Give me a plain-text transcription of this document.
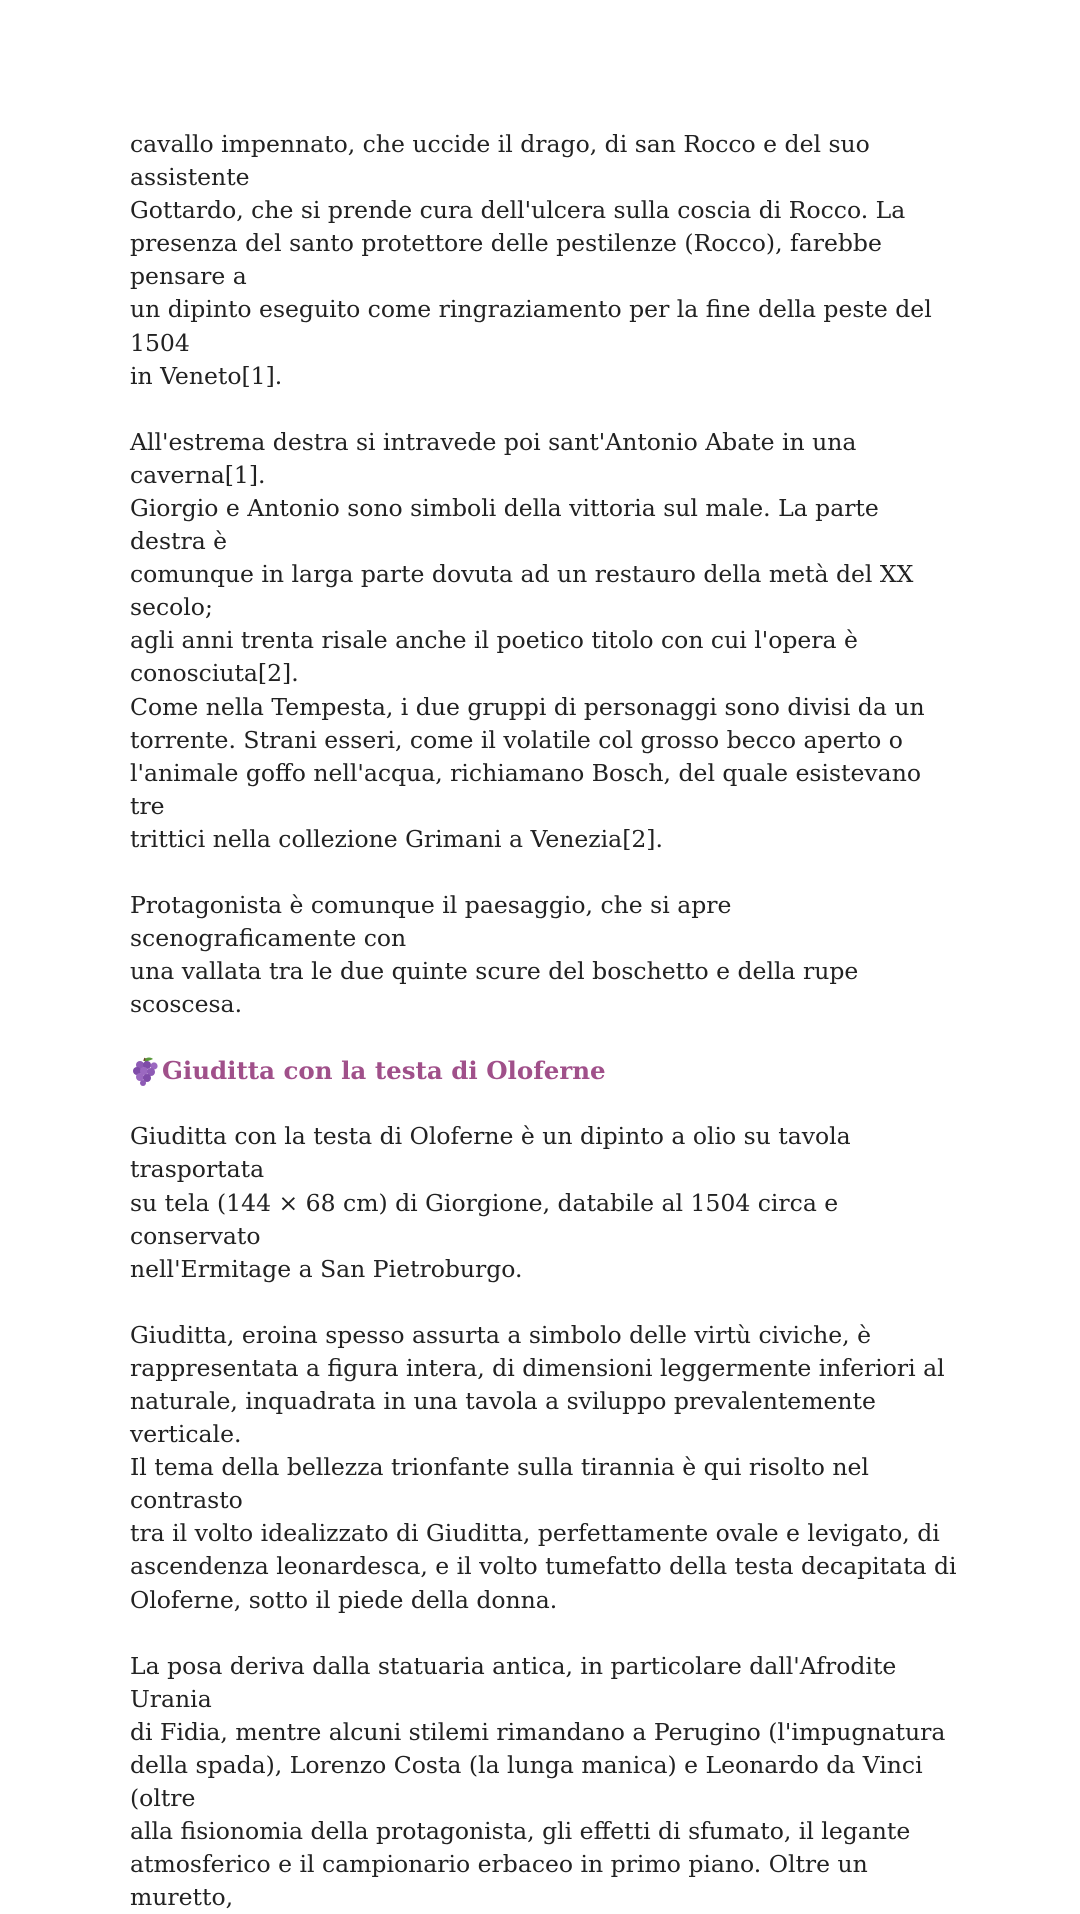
cavallo impennato, che uccide il drago, di san Rocco e del suo assistente
Gottardo, che si prende cura dell'ulcera sulla coscia di Rocco. La
presenza del santo protettore delle pestilenze (Rocco), farebbe pensare a
un dipinto eseguito come ringraziamento per la fine della peste del 1504
in Veneto[1].

All'estrema destra si intravede poi sant'Antonio Abate in una caverna[1].
Giorgio e Antonio sono simboli della vittoria sul male. La parte destra è
comunque in larga parte dovuta ad un restauro della metà del XX secolo;
agli anni trenta risale anche il poetico titolo con cui l'opera è
conosciuta[2].

Come nella Tempesta, i due gruppi di personaggi sono divisi da un
torrente. Strani esseri, come il volatile col grosso becco aperto o
l'animale goffo nell'acqua, richiamano Bosch, del quale esistevano tre
trittici nella collezione Grimani a Venezia[2].

Protagonista è comunque il paesaggio, che si apre scenograficamente con
una vallata tra le due quinte scure del boschetto e della rupe scoscesa.

Giuditta con la testa di Oloferne

Giuditta con la testa di Oloferne è un dipinto a olio su tavola trasportata
su tela (144 × 68 cm) di Giorgione, databile al 1504 circa e conservato
nell'Ermitage a San Pietroburgo.

Giuditta, eroina spesso assurta a simbolo delle virtù civiche, è
rappresentata a figura intera, di dimensioni leggermente inferiori al
naturale, inquadrata in una tavola a sviluppo prevalentemente verticale.
Il tema della bellezza trionfante sulla tirannia è qui risolto nel contrasto
tra il volto idealizzato di Giuditta, perfettamente ovale e levigato, di
ascendenza leonardesca, e il volto tumefatto della testa decapitata di
Oloferne, sotto il piede della donna.

La posa deriva dalla statuaria antica, in particolare dall'Afrodite Urania
di Fidia, mentre alcuni stilemi rimandano a Perugino (l'impugnatura
della spada), Lorenzo Costa (la lunga manica) e Leonardo da Vinci (oltre
alla fisionomia della protagonista, gli effetti di sfumato, il legante
atmosferico e il campionario erbaceo in primo piano. Oltre un muretto,
